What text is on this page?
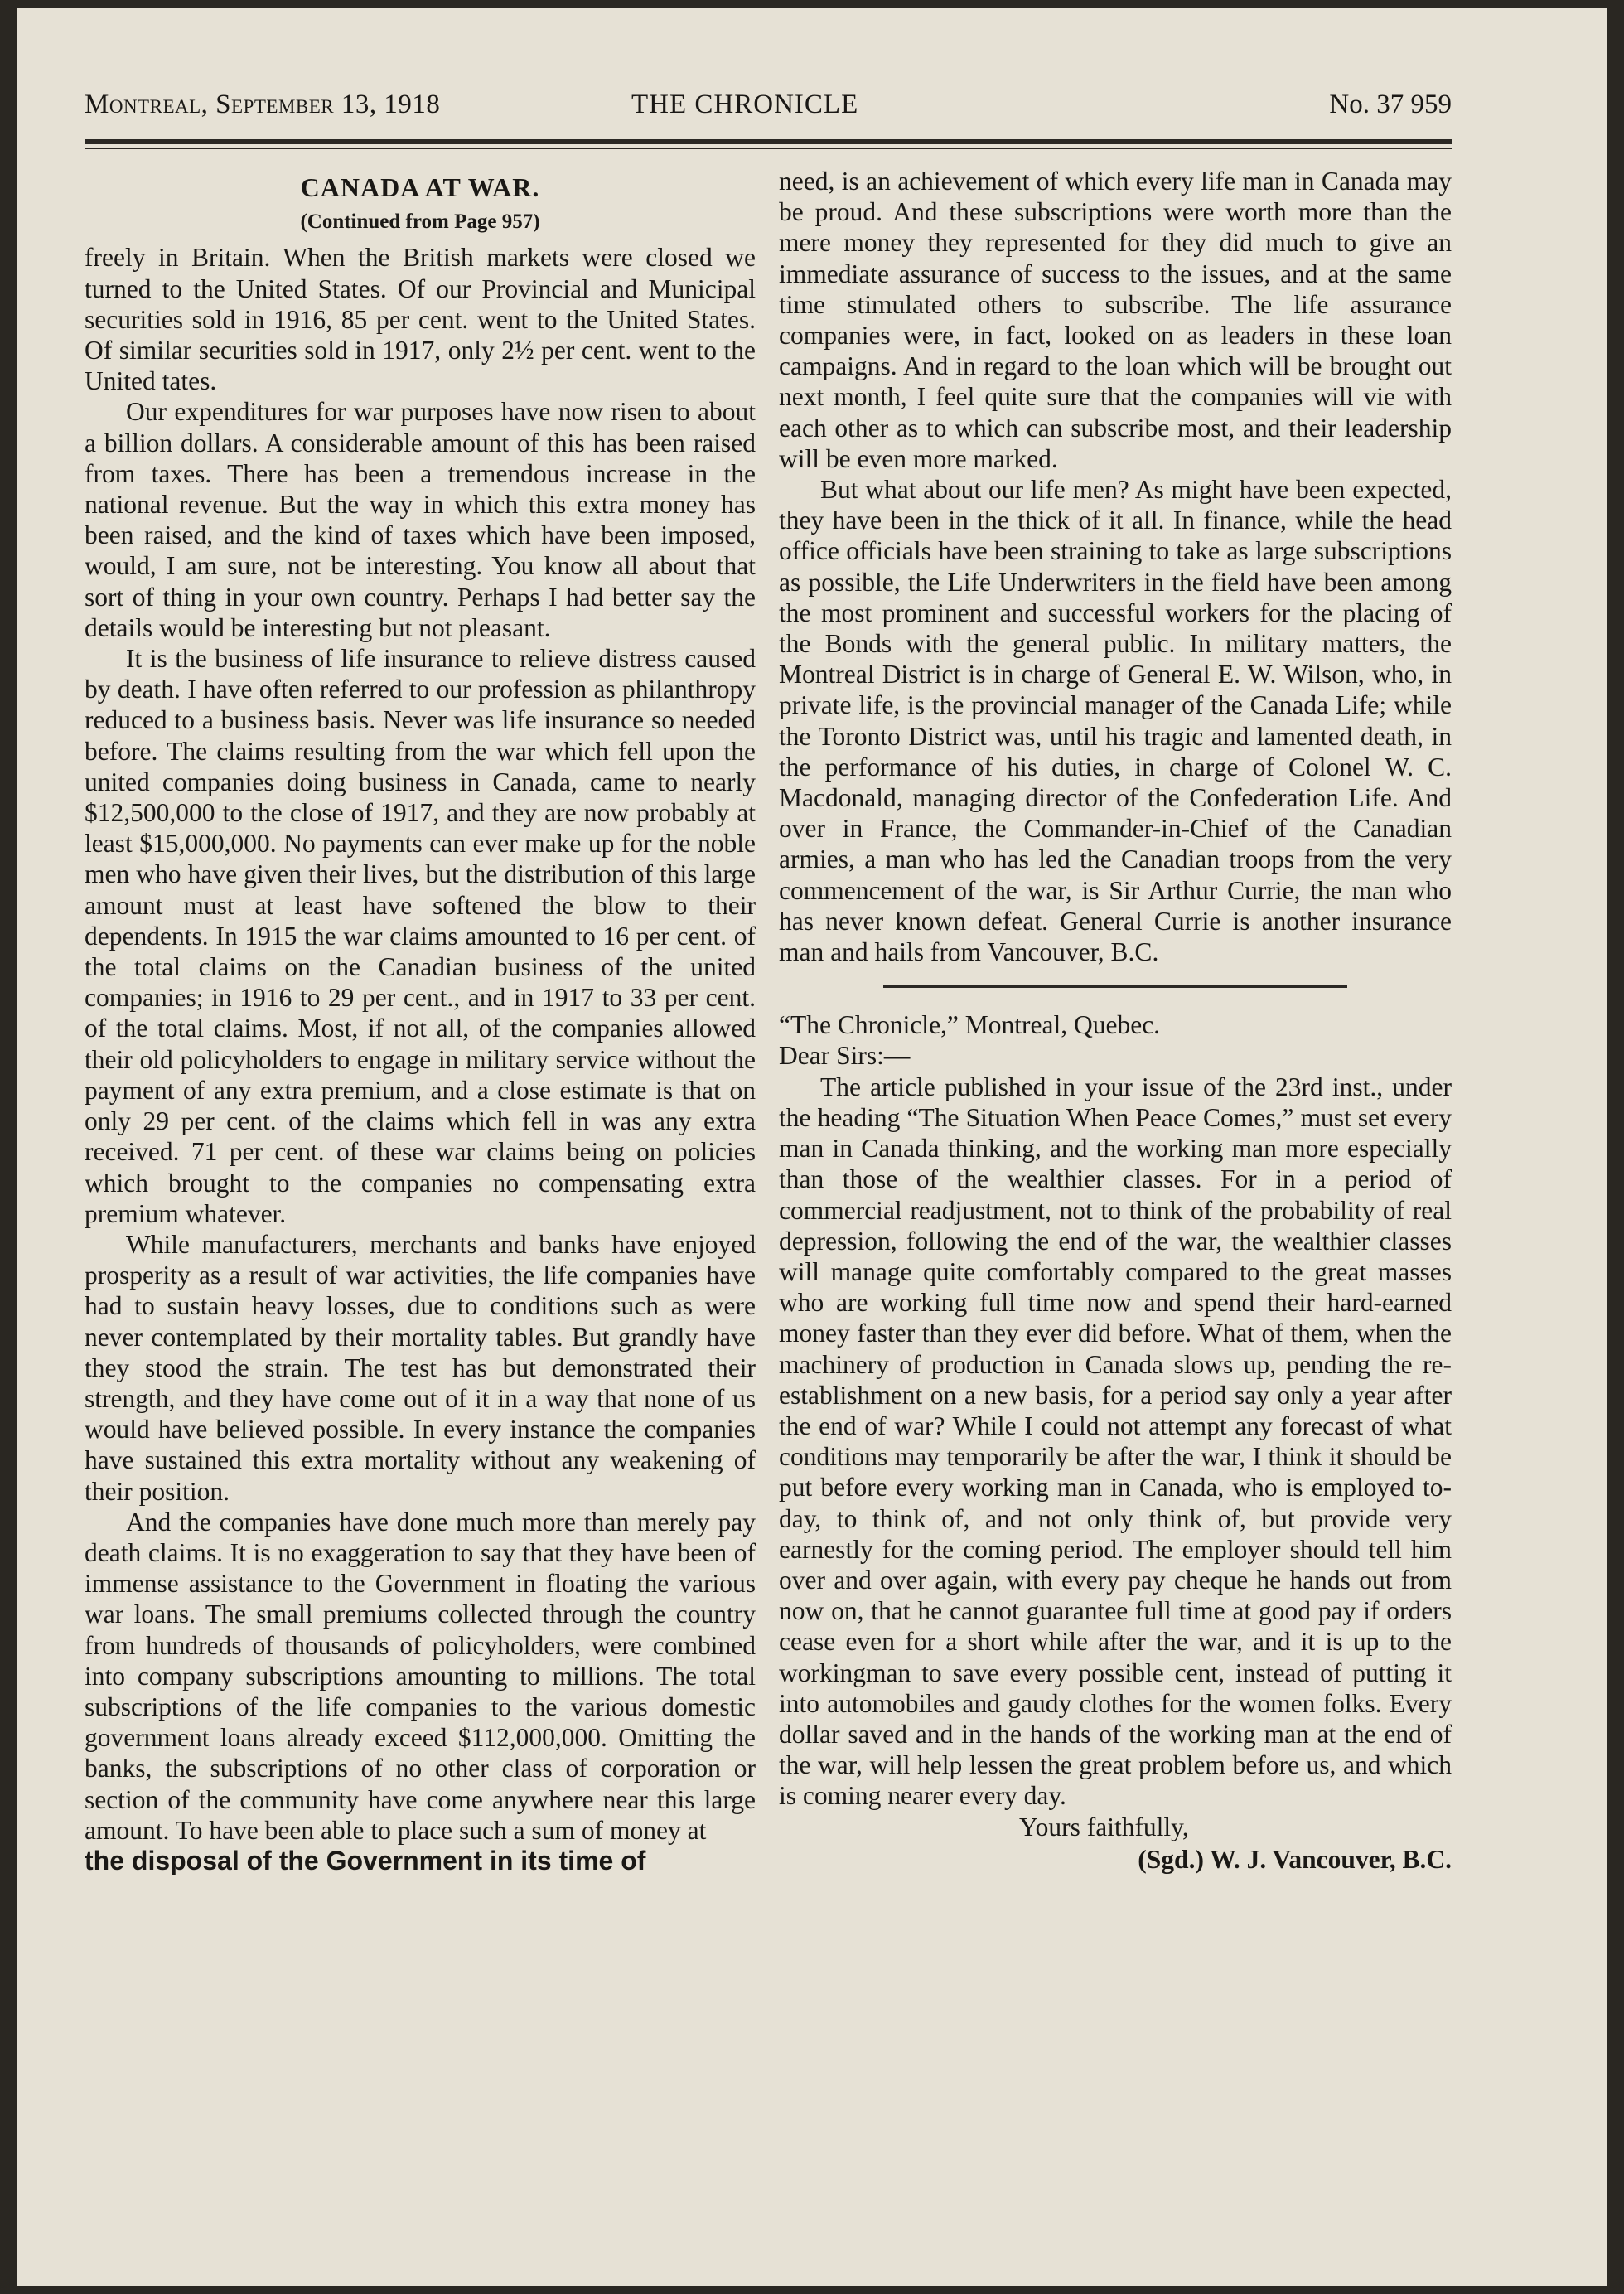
Montreal, September 13, 1918	THE CHRONICLE	No. 37 959
CANADA AT WAR.
(Continued from Page 957)

freely in Britain. When the British markets were closed we turned to the United States. Of our Provincial and Municipal securities sold in 1916, 85 per cent. went to the United States. Of similar securities sold in 1917, only 2½ per cent. went to the United tates.

Our expenditures for war purposes have now risen to about a billion dollars. A considerable amount of this has been raised from taxes. There has been a tremendous increase in the national revenue. But the way in which this extra money has been raised, and the kind of taxes which have been imposed, would, I am sure, not be interesting. You know all about that sort of thing in your own country. Perhaps I had better say the details would be interesting but not pleasant.

It is the business of life insurance to relieve distress caused by death. I have often referred to our profession as philanthropy reduced to a business basis. Never was life insurance so needed before. The claims resulting from the war which fell upon the united companies doing business in Canada, came to nearly $12,500,000 to the close of 1917, and they are now probably at least $15,000,000. No payments can ever make up for the noble men who have given their lives, but the distribution of this large amount must at least have softened the blow to their dependents. In 1915 the war claims amounted to 16 per cent. of the total claims on the Canadian business of the united companies; in 1916 to 29 per cent., and in 1917 to 33 per cent. of the total claims. Most, if not all, of the companies allowed their old policyholders to engage in military service without the payment of any extra premium, and a close estimate is that on only 29 per cent. of the claims which fell in was any extra received. 71 per cent. of these war claims being on policies which brought to the companies no compensating extra premium whatever.

While manufacturers, merchants and banks have enjoyed prosperity as a result of war activities, the life companies have had to sustain heavy losses, due to conditions such as were never contemplated by their mortality tables. But grandly have they stood the strain. The test has but demonstrated their strength, and they have come out of it in a way that none of us would have believed possible. In every instance the companies have sustained this extra mortality without any weakening of their position.

And the companies have done much more than merely pay death claims. It is no exaggeration to say that they have been of immense assistance to the Government in floating the various war loans. The small premiums collected through the country from hundreds of thousands of policyholders, were combined into company subscriptions amounting to millions. The total subscriptions of the life companies to the various domestic government loans already exceed $112,000,000. Omitting the banks, the subscriptions of no other class of corporation or section of the community have come anywhere near this large amount. To have been able to place such a sum of money at

the disposal of the Government in its time of

need, is an achievement of which every life man in Canada may be proud. And these subscriptions were worth more than the mere money they represented for they did much to give an immediate assurance of success to the issues, and at the same time stimulated others to subscribe. The life assurance companies were, in fact, looked on as leaders in these loan campaigns. And in regard to the loan which will be brought out next month, I feel quite sure that the companies will vie with each other as to which can subscribe most, and their leadership will be even more marked.

But what about our life men? As might have been expected, they have been in the thick of it all. In finance, while the head office officials have been straining to take as large subscriptions as possible, the Life Underwriters in the field have been among the most prominent and successful workers for the placing of the Bonds with the general public. In military matters, the Montreal District is in charge of General E. W. Wilson, who, in private life, is the provincial manager of the Canada Life; while the Toronto District was, until his tragic and lamented death, in the performance of his duties, in charge of Colonel W. C. Macdonald, managing director of the Confederation Life. And over in France, the Commander-in-Chief of the Canadian armies, a man who has led the Canadian troops from the very commencement of the war, is Sir Arthur Currie, the man who has never known defeat. General Currie is another insurance man and hails from Vancouver, B.C.

“The Chronicle,” Montreal, Quebec.

Dear Sirs:—

The article published in your issue of the 23rd inst., under the heading “The Situation When Peace Comes,” must set every man in Canada thinking, and the working man more especially than those of the wealthier classes. For in a period of commercial readjustment, not to think of the probability of real depression, following the end of the war, the wealthier classes will manage quite comfortably compared to the great masses who are working full time now and spend their hard-earned money faster than they ever did before. What of them, when the machinery of production in Canada slows up, pending the re-establishment on a new basis, for a period say only a year after the end of war? While I could not attempt any forecast of what conditions may temporarily be after the war, I think it should be put before every working man in Canada, who is employed to-day, to think of, and not only think of, but provide very earnestly for the coming period. The employer should tell him over and over again, with every pay cheque he hands out from now on, that he cannot guarantee full time at good pay if orders cease even for a short while after the war, and it is up to the workingman to save every possible cent, instead of putting it into automobiles and gaudy clothes for the women folks. Every dollar saved and in the hands of the working man at the end of the war, will help lessen the great problem before us, and which is coming nearer every day.

Yours faithfully,

(Sgd.) W. J. Vancouver, B.C.
